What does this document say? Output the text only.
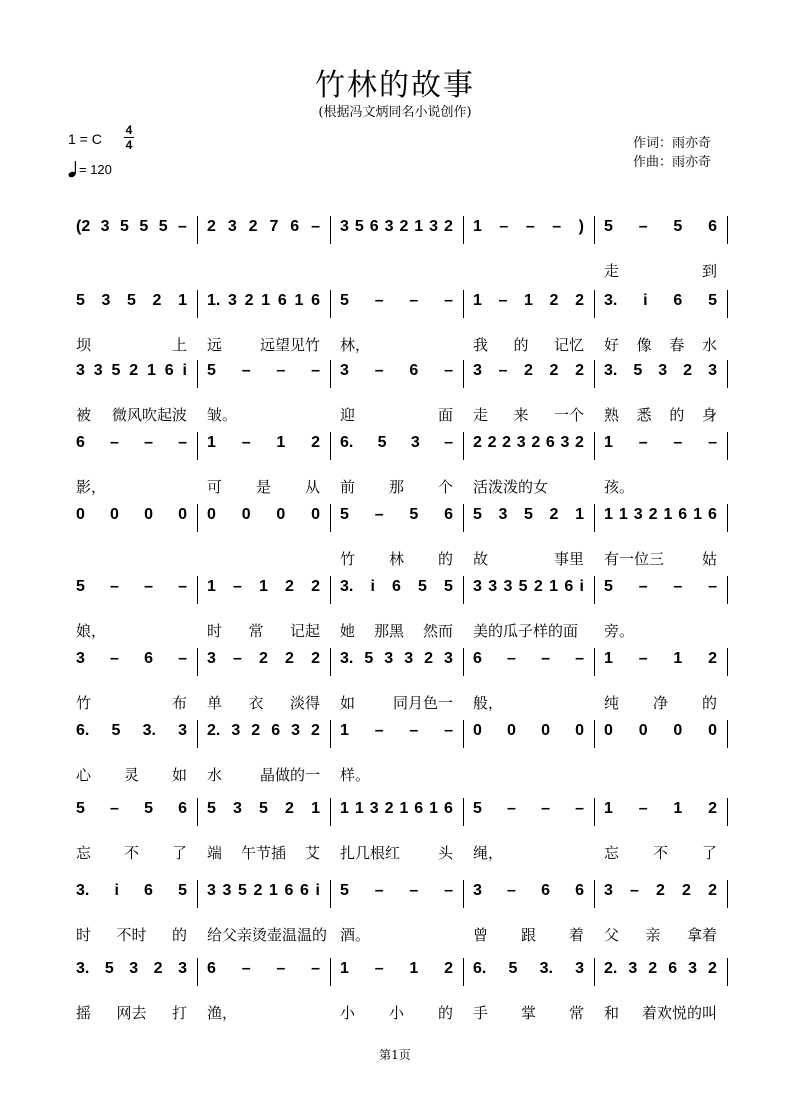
竹林的故事
(根据冯文炳同名小说创作)
1 = C
4
4
= 120
作词：雨亦奇
作曲：雨亦奇
(2 3 5 5 5 – 2 3 2 7 6 – 3 5 6 3 2 1 3 2 1 – – – ) 5 – 5 6
走	到
5 3 5 2 1
坝	上
1. 3 2 1 6 1 6
远	远望见竹
5 – – –
林，
1 – 1 2 2
我 的 记忆
3. i 6 5
好 像 春 水
3 3 5 2 1 6 i
被 微风吹起波
5 – – –
皱。
3 – 6 –
迎	面
3 – 2 2 2
走 来 一个
3. 5 3 2 3
熟 悉 的 身
6 – – –
影，
1 – 1 2
可 是 从
6. 5 3 –
前 那 个
2 2 2 3 2 6 3 2
活泼泼的女
1 – – –
孩。
0 0 0 0 0 0 0 0 5 – 5 6
竹 林 的
5 3 5 2 1
故	事里
1 1 3 2 1 6 1 6
有一位三	姑
5 – – –
娘，
1 – 1 2 2
时 常 记起
3. i 6 5 5
她 那黑 然而
3 3 3 5 2 1 6 i
美的瓜子样的面
5 – – –
旁。
3 – 6 –
竹	布
3 – 2 2 2
单 衣 淡得
3. 5 3 3 2 3
如	同月色一
6 – – –
般，
1 – 1 2
纯 净 的
6. 5 3. 3
心 灵 如
2. 3 2 6 3 2
水	晶做的一
1 – – –
样。
0 0 0 0 0 0 0 0
5 – 5 6
忘 不 了
5 3 5 2 1
端 午节插 艾
1 1 3 2 1 6 1 6
扎几根红	头
5 – – –
绳，
1 – 1 2
忘 不 了
3. i 6 5
时 不时 的
3 3 5 2 1 6 6 i
给父亲烫壶温温的
5 – – –
酒。
3 – 6 6
曾 跟 着
3 – 2 2 2
父 亲 拿着
3. 5 3 2 3
摇 网去 打
6 – – –
渔，
1 – 1 2
小 小 的
6. 5 3. 3
手 掌 常
2. 3 2 6 3 2
和 着欢悦的叫
第1页
